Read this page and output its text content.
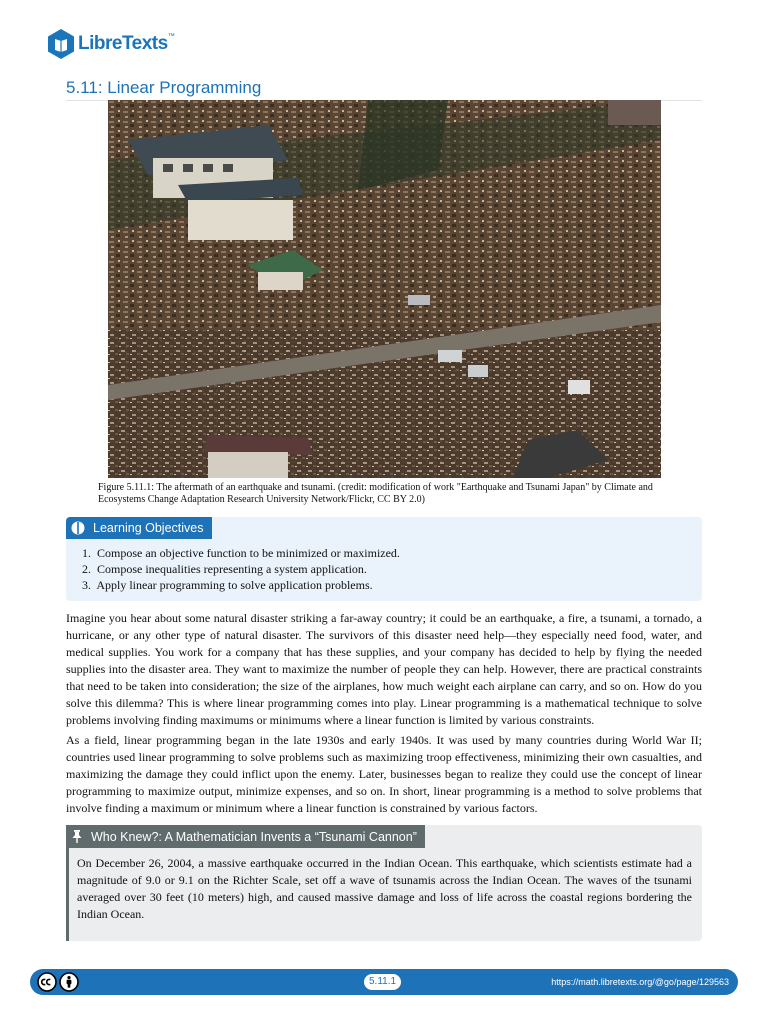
LibreTexts™
5.11: Linear Programming
Figure 5.11.1: The aftermath of an earthquake and tsunami. (credit: modification of work "Earthquake and Tsunami Japan" by Climate and Ecosystems Change Adaptation Research University Network/Flickr, CC BY 2.0)
Learning Objectives
1. Compose an objective function to be minimized or maximized.
2. Compose inequalities representing a system application.
3. Apply linear programming to solve application problems.

Imagine you hear about some natural disaster striking a far-away country; it could be an earthquake, a fire, a tsunami, a tornado, a hurricane, or any other type of natural disaster. The survivors of this disaster need help—they especially need food, water, and medical supplies. You work for a company that has these supplies, and your company has decided to help by flying the needed supplies into the disaster area. They want to maximize the number of people they can help. However, there are practical constraints that need to be taken into consideration; the size of the airplanes, how much weight each airplane can carry, and so on. How do you solve this dilemma? This is where linear programming comes into play. Linear programming is a mathematical technique to solve problems involving finding maximums or minimums where a linear function is limited by various constraints.

As a field, linear programming began in the late 1930s and early 1940s. It was used by many countries during World War II; countries used linear programming to solve problems such as maximizing troop effectiveness, minimizing their own casualties, and maximizing the damage they could inflict upon the enemy. Later, businesses began to realize they could use the concept of linear programming to maximize output, minimize expenses, and so on. In short, linear programming is a method to solve problems that involve finding a maximum or minimum where a linear function is constrained by various factors.

Who Knew?: A Mathematician Invents a “Tsunami Cannon”

On December 26, 2004, a massive earthquake occurred in the Indian Ocean. This earthquake, which scientists estimate had a magnitude of 9.0 or 9.1 on the Richter Scale, set off a wave of tsunamis across the Indian Ocean. The waves of the tsunami averaged over 30 feet (10 meters) high, and caused massive damage and loss of life across the coastal regions bordering the Indian Ocean.

5.11.1	https://math.libretexts.org/@go/page/129563
